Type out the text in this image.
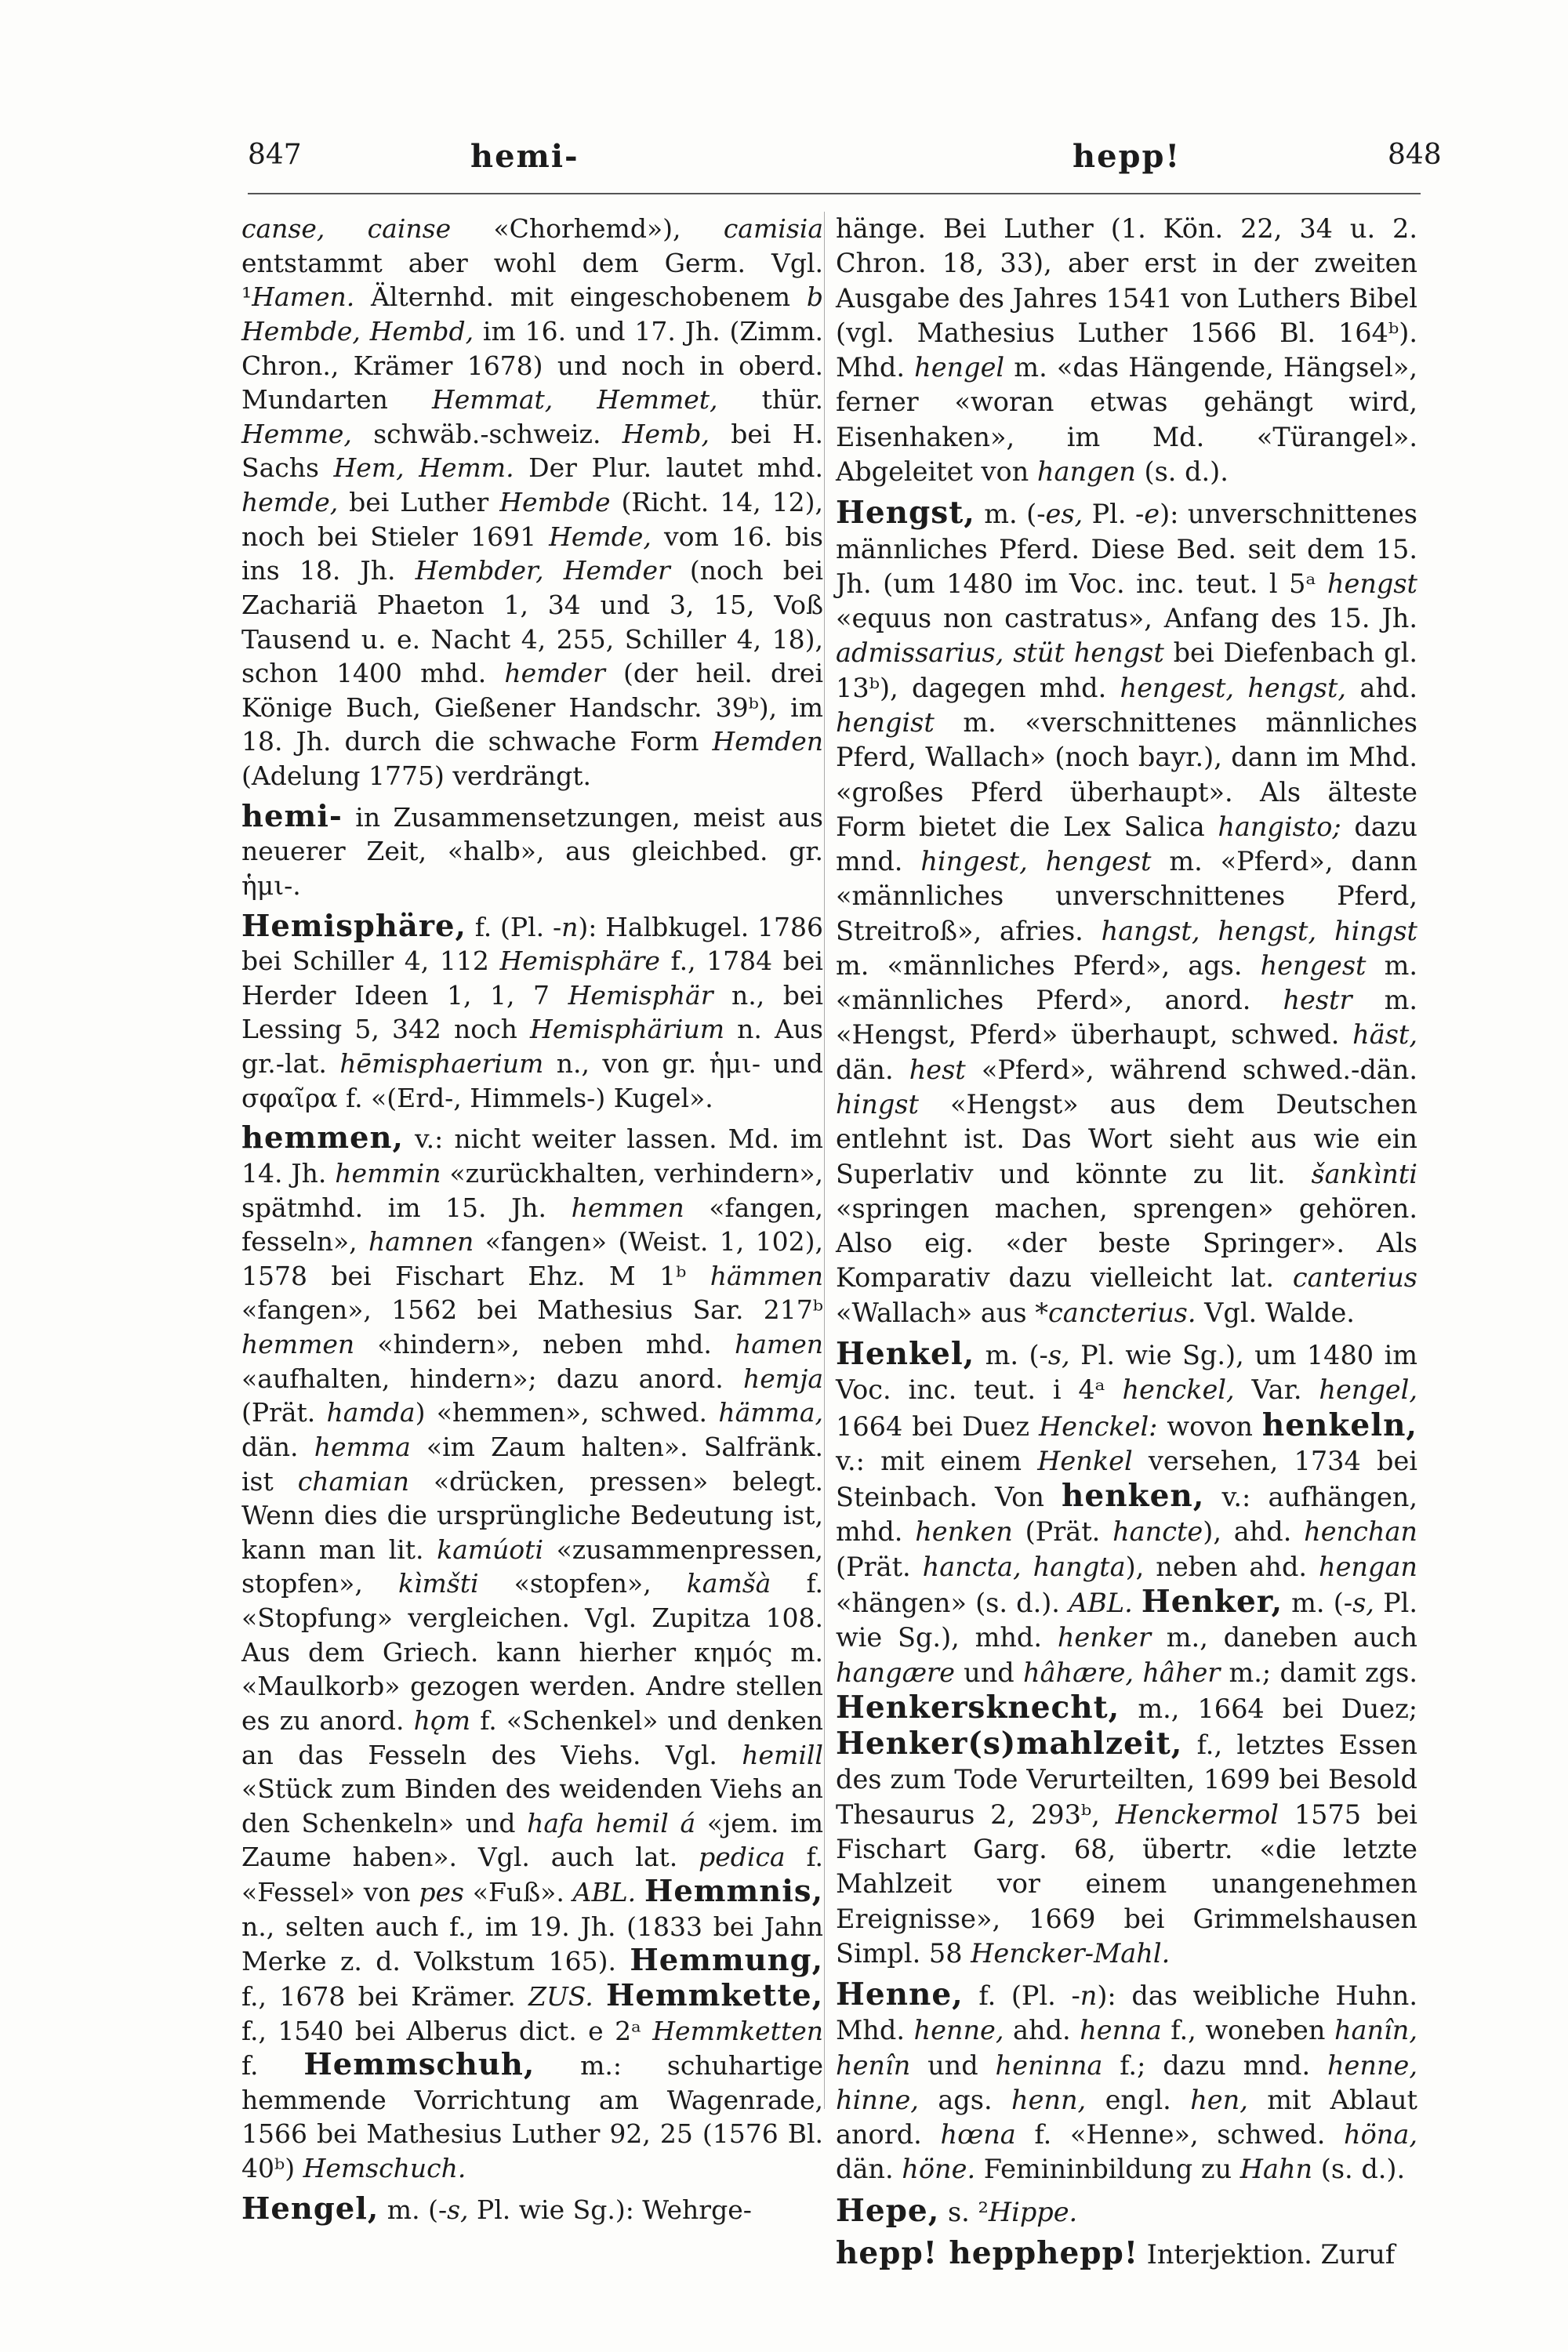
847	hemi-	hepp!	848

canse, cainse «Chorhemd»), camisia entstammt aber wohl dem Germ. Vgl. ¹Hamen. Älternhd. mit eingeschobenem b Hembde, Hembd, im 16. und 17. Jh. (Zimm. Chron., Krämer 1678) und noch in oberd. Mundarten Hemmat, Hemmet, thür. Hemme, schwäb.-schweiz. Hemb, bei H. Sachs Hem, Hemm. Der Plur. lautet mhd. hemde, bei Luther Hembde (Richt. 14, 12), noch bei Stieler 1691 Hemde, vom 16. bis ins 18. Jh. Hembder, Hemder (noch bei Zachariä Phaeton 1, 34 und 3, 15, Voß Tausend u. e. Nacht 4, 255, Schiller 4, 18), schon 1400 mhd. hemder (der heil. drei Könige Buch, Gießener Handschr. 39ᵇ), im 18. Jh. durch die schwache Form Hemden (Adelung 1775) verdrängt.

hemi- in Zusammensetzungen, meist aus neuerer Zeit, «halb», aus gleichbed. gr. ἡμι-.

Hemisphäre, f. (Pl. -n): Halbkugel. 1786 bei Schiller 4, 112 Hemisphäre f., 1784 bei Herder Ideen 1, 1, 7 Hemisphär n., bei Lessing 5, 342 noch Hemisphärium n. Aus gr.-lat. hēmisphaerium n., von gr. ἡμι- und σφαῖρα f. «(Erd-, Himmels-) Kugel».

hemmen, v.: nicht weiter lassen. Md. im 14. Jh. hemmin «zurückhalten, verhindern», spätmhd. im 15. Jh. hemmen «fangen, fesseln», hamnen «fangen» (Weist. 1, 102), 1578 bei Fischart Ehz. M 1ᵇ hämmen «fangen», 1562 bei Mathesius Sar. 217ᵇ hemmen «hindern», neben mhd. hamen «aufhalten, hindern»; dazu anord. hemja (Prät. hamda) «hemmen», schwed. hämma, dän. hemma «im Zaum halten». Salfränk. ist chamian «drücken, pressen» belegt. Wenn dies die ursprüngliche Bedeutung ist, kann man lit. kamúoti «zusammenpressen, stopfen», kìmšti «stopfen», kamšà f. «Stopfung» vergleichen. Vgl. Zupitza 108. Aus dem Griech. kann hierher κημός m. «Maulkorb» gezogen werden. Andre stellen es zu anord. hǫm f. «Schenkel» und denken an das Fesseln des Viehs. Vgl. hemill «Stück zum Binden des weidenden Viehs an den Schenkeln» und hafa hemil á «jem. im Zaume haben». Vgl. auch lat. pedica f. «Fessel» von pes «Fuß». ABL. Hemmnis, n., selten auch f., im 19. Jh. (1833 bei Jahn Merke z. d. Volkstum 165). Hemmung, f., 1678 bei Krämer. ZUS. Hemmkette, f., 1540 bei Alberus dict. e 2ᵃ Hemmketten f. Hemmschuh, m.: schuhartige hemmende Vorrichtung am Wagenrade, 1566 bei Mathesius Luther 92, 25 (1576 Bl. 40ᵇ) Hemschuch.

Hengel, m. (-s, Pl. wie Sg.): Wehrge-

hänge. Bei Luther (1. Kön. 22, 34 u. 2. Chron. 18, 33), aber erst in der zweiten Ausgabe des Jahres 1541 von Luthers Bibel (vgl. Mathesius Luther 1566 Bl. 164ᵇ). Mhd. hengel m. «das Hängende, Hängsel», ferner «woran etwas gehängt wird, Eisenhaken», im Md. «Türangel». Abgeleitet von hangen (s. d.).

Hengst, m. (-es, Pl. -e): unverschnittenes männliches Pferd. Diese Bed. seit dem 15. Jh. (um 1480 im Voc. inc. teut. l 5ᵃ hengst «equus non castratus», Anfang des 15. Jh. admissarius, stüt hengst bei Diefenbach gl. 13ᵇ), dagegen mhd. hengest, hengst, ahd. hengist m. «verschnittenes männliches Pferd, Wallach» (noch bayr.), dann im Mhd. «großes Pferd überhaupt». Als älteste Form bietet die Lex Salica hangisto; dazu mnd. hingest, hengest m. «Pferd», dann «männliches unverschnittenes Pferd, Streitroß», afries. hangst, hengst, hingst m. «männliches Pferd», ags. hengest m. «männliches Pferd», anord. hestr m. «Hengst, Pferd» überhaupt, schwed. häst, dän. hest «Pferd», während schwed.-dän. hingst «Hengst» aus dem Deutschen entlehnt ist. Das Wort sieht aus wie ein Superlativ und könnte zu lit. šankìnti «springen machen, sprengen» gehören. Also eig. «der beste Springer». Als Komparativ dazu vielleicht lat. canterius «Wallach» aus *cancterius. Vgl. Walde.

Henkel, m. (-s, Pl. wie Sg.), um 1480 im Voc. inc. teut. i 4ᵃ henckel, Var. hengel, 1664 bei Duez Henckel: wovon henkeln, v.: mit einem Henkel versehen, 1734 bei Steinbach. Von henken, v.: aufhängen, mhd. henken (Prät. hancte), ahd. henchan (Prät. hancta, hangta), neben ahd. hengan «hängen» (s. d.). ABL. Henker, m. (-s, Pl. wie Sg.), mhd. henker m., daneben auch hangære und hâhære, hâher m.; damit zgs. Henkersknecht, m., 1664 bei Duez; Henker(s)mahlzeit, f., letztes Essen des zum Tode Verurteilten, 1699 bei Besold Thesaurus 2, 293ᵇ, Henckermol 1575 bei Fischart Garg. 68, übertr. «die letzte Mahlzeit vor einem unangenehmen Ereignisse», 1669 bei Grimmelshausen Simpl. 58 Hencker-Mahl.

Henne, f. (Pl. -n): das weibliche Huhn. Mhd. henne, ahd. henna f., woneben hanîn, henîn und heninna f.; dazu mnd. henne, hinne, ags. henn, engl. hen, mit Ablaut anord. hœna f. «Henne», schwed. höna, dän. höne. Femininbildung zu Hahn (s. d.).

Hepe, s. ²Hippe.

hepp! hepphepp! Interjektion. Zuruf
